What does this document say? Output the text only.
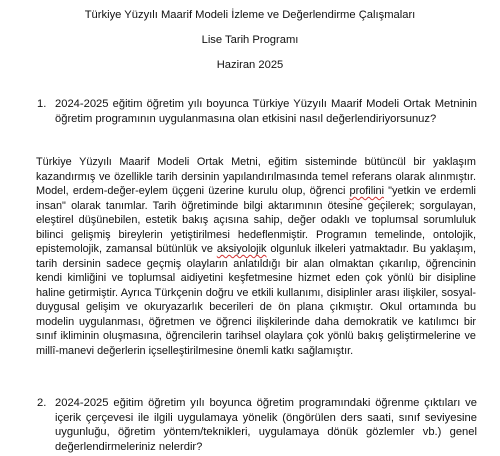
Türkiye Yüzyılı Maarif Modeli İzleme ve Değerlendirme Çalışmaları
Lise Tarih Programı
Haziran 2025
1. 2024-2025 eğitim öğretim yılı boyunca Türkiye Yüzyılı Maarif Modeli Ortak Metninin öğretim programının uygulanmasına olan etkisini nasıl değerlendiriyorsunuz?

Türkiye Yüzyılı Maarif Modeli Ortak Metni, eğitim sisteminde bütüncül bir yaklaşım kazandırmış ve özellikle tarih dersinin yapılandırılmasında temel referans olarak alınmıştır. Model, erdem-değer-eylem üçgeni üzerine kurulu olup, öğrenci profilini "yetkin ve erdemli insan" olarak tanımlar. Tarih öğretiminde bilgi aktarımının ötesine geçilerek; sorgulayan, eleştirel düşünebilen, estetik bakış açısına sahip, değer odaklı ve toplumsal sorumluluk bilinci gelişmiş bireylerin yetiştirilmesi hedeflenmiştir. Programın temelinde, ontolojik, epistemolojik, zamansal bütünlük ve aksiyolojik olgunluk ilkeleri yatmaktadır. Bu yaklaşım, tarih dersinin sadece geçmiş olayların anlatıldığı bir alan olmaktan çıkarılıp, öğrencinin kendi kimliğini ve toplumsal aidiyetini keşfetmesine hizmet eden çok yönlü bir disipline haline getirmiştir. Ayrıca Türkçenin doğru ve etkili kullanımı, disiplinler arası ilişkiler, sosyal-duygusal gelişim ve okuryazarlık becerileri de ön plana çıkmıştır. Okul ortamında bu modelin uygulanması, öğretmen ve öğrenci ilişkilerinde daha demokratik ve katılımcı bir sınıf ikliminin oluşmasına, öğrencilerin tarihsel olaylara çok yönlü bakış geliştirmelerine ve millî-manevi değerlerin içselleştirilmesine önemli katkı sağlamıştır.

2. 2024-2025 eğitim öğretim yılı boyunca öğretim programındaki öğrenme çıktıları ve içerik çerçevesi ile ilgili uygulamaya yönelik (öngörülen ders saati, sınıf seviyesine uygunluğu, öğretim yöntem/teknikleri, uygulamaya dönük gözlemler vb.) genel değerlendirmeleriniz nelerdir?
